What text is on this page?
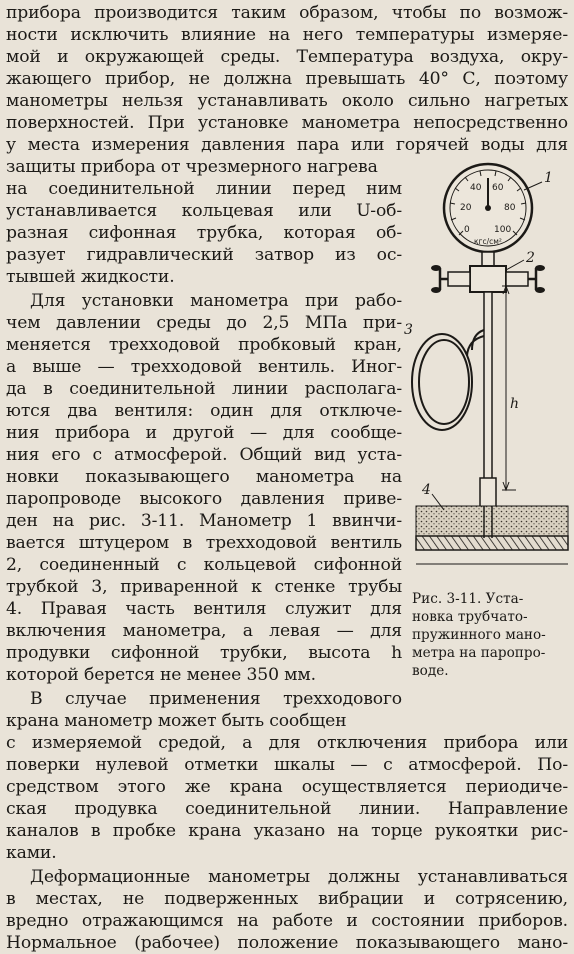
прибора производится таким образом, чтобы по возмож-
ности исключить влияние на него температуры измеряе-
мой и окружающей среды. Температура воздуха, окру-
жающего прибор, не должна превышать 40° С, поэтому
манометры нельзя устанавливать около сильно нагретых
поверхностей. При установке манометра непосредственно
у места измерения давления пара или горячей воды для
защиты прибора от чрезмерного нагрева
на соединительной линии перед ним
устанавливается кольцевая или U-об-
разная сифонная трубка, которая об-
разует гидравлический затвор из ос-
тывшей жидкости.
Для установки манометра при рабо-
чем давлении среды до 2,5 МПа при-
меняется трехходовой пробковый кран,
а выше — трехходовой вентиль. Иног-
да в соединительной линии располага-
ются два вентиля: один для отключе-
ния прибора и другой — для сообще-
ния его с атмосферой. Общий вид уста-
новки показывающего манометра на
паропроводе высокого давления приве-
ден на рис. 3-11. Манометр 1 ввинчи-
вается штуцером в трехходовой вентиль
2, соединенный с кольцевой сифонной
трубкой 3, приваренной к стенке трубы
4. Правая часть вентиля служит для
включения манометра, а левая — для
продувки сифонной трубки, высота h
которой берется не менее 350 мм.
В случае применения трехходового
крана манометр может быть сообщен
0
20
40 60
80
100
кгс/см²
1
2
3
h
4
Рис. 3-11. Уста-
новка трубчато-
пружинного мано-
метра на паропро-
воде.
с измеряемой средой, а для отключения прибора или
поверки нулевой отметки шкалы — с атмосферой. По-
средством этого же крана осуществляется периодиче-
ская продувка соединительной линии. Направление
каналов в пробке крана указано на торце рукоятки рис-
ками.
Деформационные манометры должны устанавливаться
в местах, не подверженных вибрации и сотрясению,
вредно отражающимся на работе и состоянии приборов.
Нормальное (рабочее) положение показывающего мано-
